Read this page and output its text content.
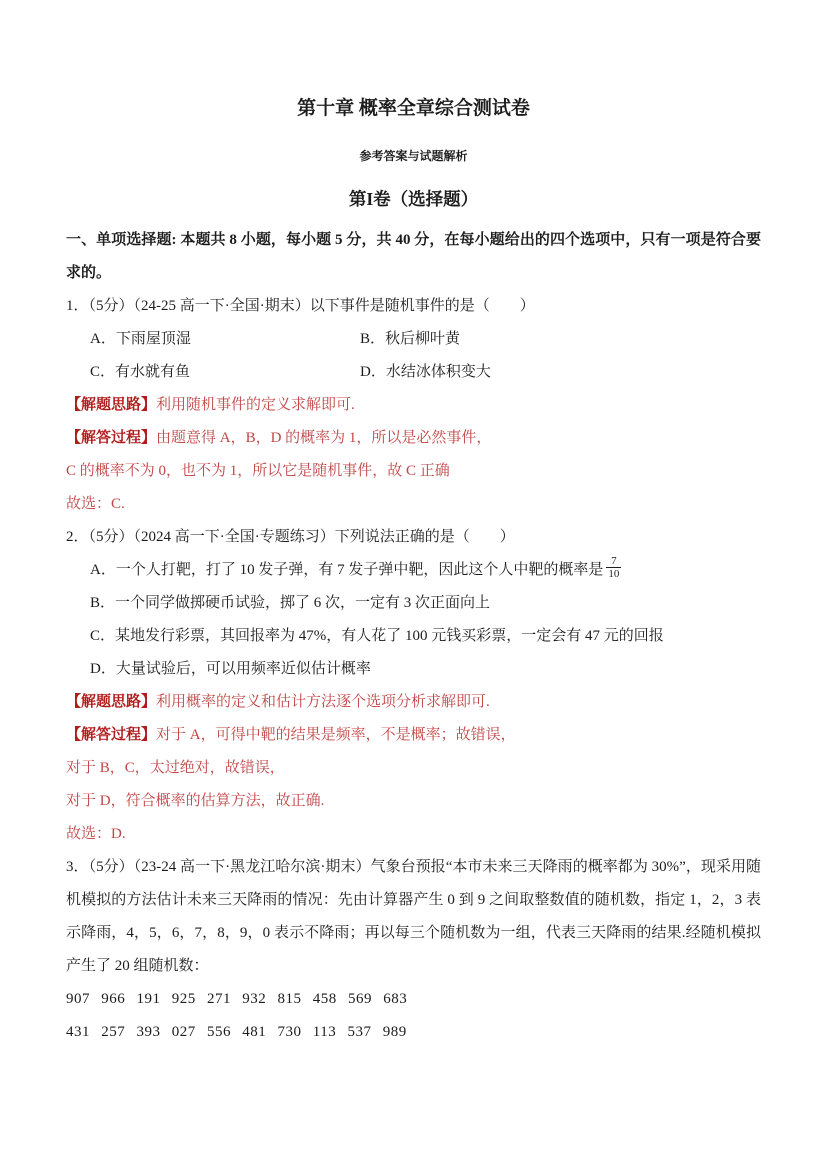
第十章 概率全章综合测试卷
参考答案与试题解析
第I卷（选择题）

一、单项选择题: 本题共 8 小题，每小题 5 分，共 40 分，在每小题给出的四个选项中，只有一项是符合要求的。

1．（5分）（24-25 高一下·全国·期末）以下事件是随机事件的是（　　）

A．下雨屋顶湿	B．秋后柳叶黄
C．有水就有鱼	D．水结冰体积变大

【解题思路】利用随机事件的定义求解即可.

【解答过程】由题意得 A，B，D 的概率为 1，所以是必然事件，

C 的概率不为 0，也不为 1，所以它是随机事件，故 C 正确

故选：C.

2．（5分）（2024 高一下·全国·专题练习）下列说法正确的是（　　）

A．一个人打靶，打了 10 发子弹，有 7 发子弹中靶，因此这个人中靶的概率是 $\frac{7}{10}$

B．一个同学做掷硬币试验，掷了 6 次，一定有 3 次正面向上

C．某地发行彩票，其回报率为 47%，有人花了 100 元钱买彩票，一定会有 47 元的回报

D．大量试验后，可以用频率近似估计概率

【解题思路】利用概率的定义和估计方法逐个选项分析求解即可.

【解答过程】对于 A，可得中靶的结果是频率，不是概率；故错误，

对于 B，C，太过绝对，故错误，

对于 D，符合概率的估算方法，故正确.

故选：D.

3．（5分）（23-24 高一下·黑龙江哈尔滨·期末）气象台预报“本市未来三天降雨的概率都为 30%”，现采用随机模拟的方法估计未来三天降雨的情况：先由计算器产生 0 到 9 之间取整数值的随机数，指定 1，2，3 表示降雨，4，5，6，7，8，9，0 表示不降雨；再以每三个随机数为一组，代表三天降雨的结果.经随机模拟产生了 20 组随机数：

907 966 191 925 271 932 815 458 569 683

431 257 393 027 556 481 730 113 537 989
